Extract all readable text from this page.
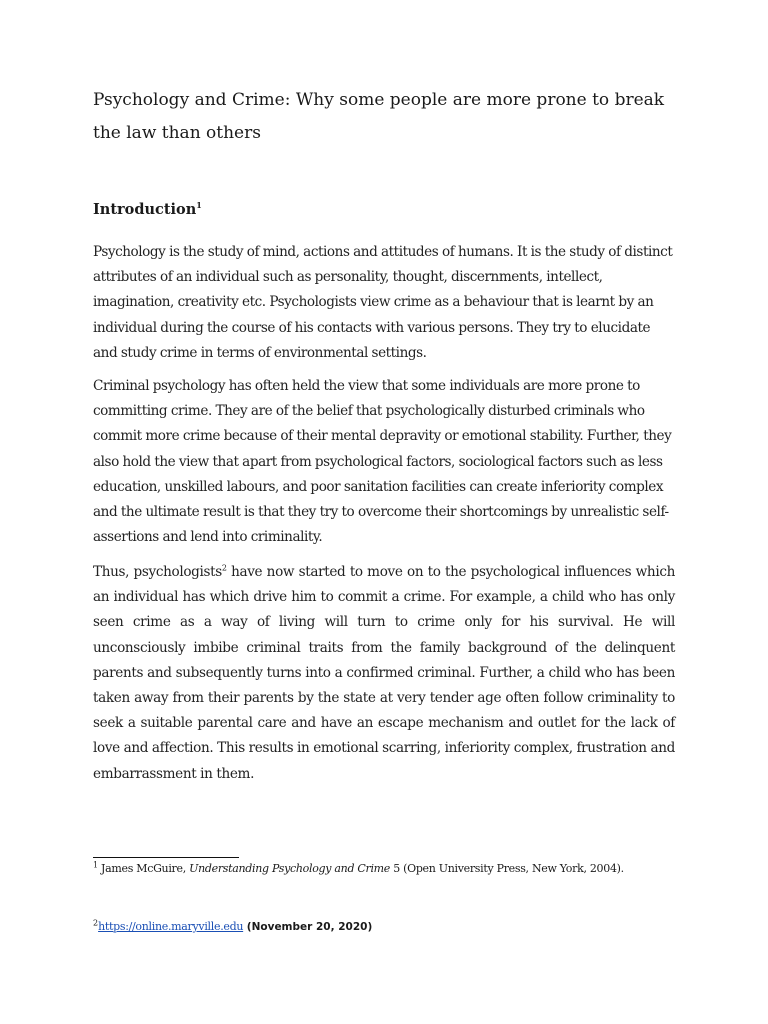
Psychology and Crime: Why some people are more prone to break the law than others
Introduction$^1$

Psychology is the study of mind, actions and attitudes of humans. It is the study of distinct attributes of an individual such as personality, thought, discernments, intellect, imagination, creativity etc. Psychologists view crime as a behaviour that is learnt by an individual during the course of his contacts with various persons. They try to elucidate and study crime in terms of environmental settings.

Criminal psychology has often held the view that some individuals are more prone to committing crime. They are of the belief that psychologically disturbed criminals who commit more crime because of their mental depravity or emotional stability. Further, they also hold the view that apart from psychological factors, sociological factors such as less education, unskilled labours, and poor sanitation facilities can create inferiority complex and the ultimate result is that they try to overcome their shortcomings by unrealistic self-assertions and lend into criminality.

Thus, psychologists$^2$ have now started to move on to the psychological influences which an individual has which drive him to commit a crime. For example, a child who has only seen crime as a way of living will turn to crime only for his survival. He will unconsciously imbibe criminal traits from the family background of the delinquent parents and subsequently turns into a confirmed criminal. Further, a child who has been taken away from their parents by the state at very tender age often follow criminality to seek a suitable parental care and have an escape mechanism and outlet for the lack of love and affection. This results in emotional scarring, inferiority complex, frustration and embarrassment in them.

$^1$ James McGuire, Understanding Psychology and Crime 5 (Open University Press, New York, 2004).

$^2$https://online.maryville.edu (November 20, 2020)
